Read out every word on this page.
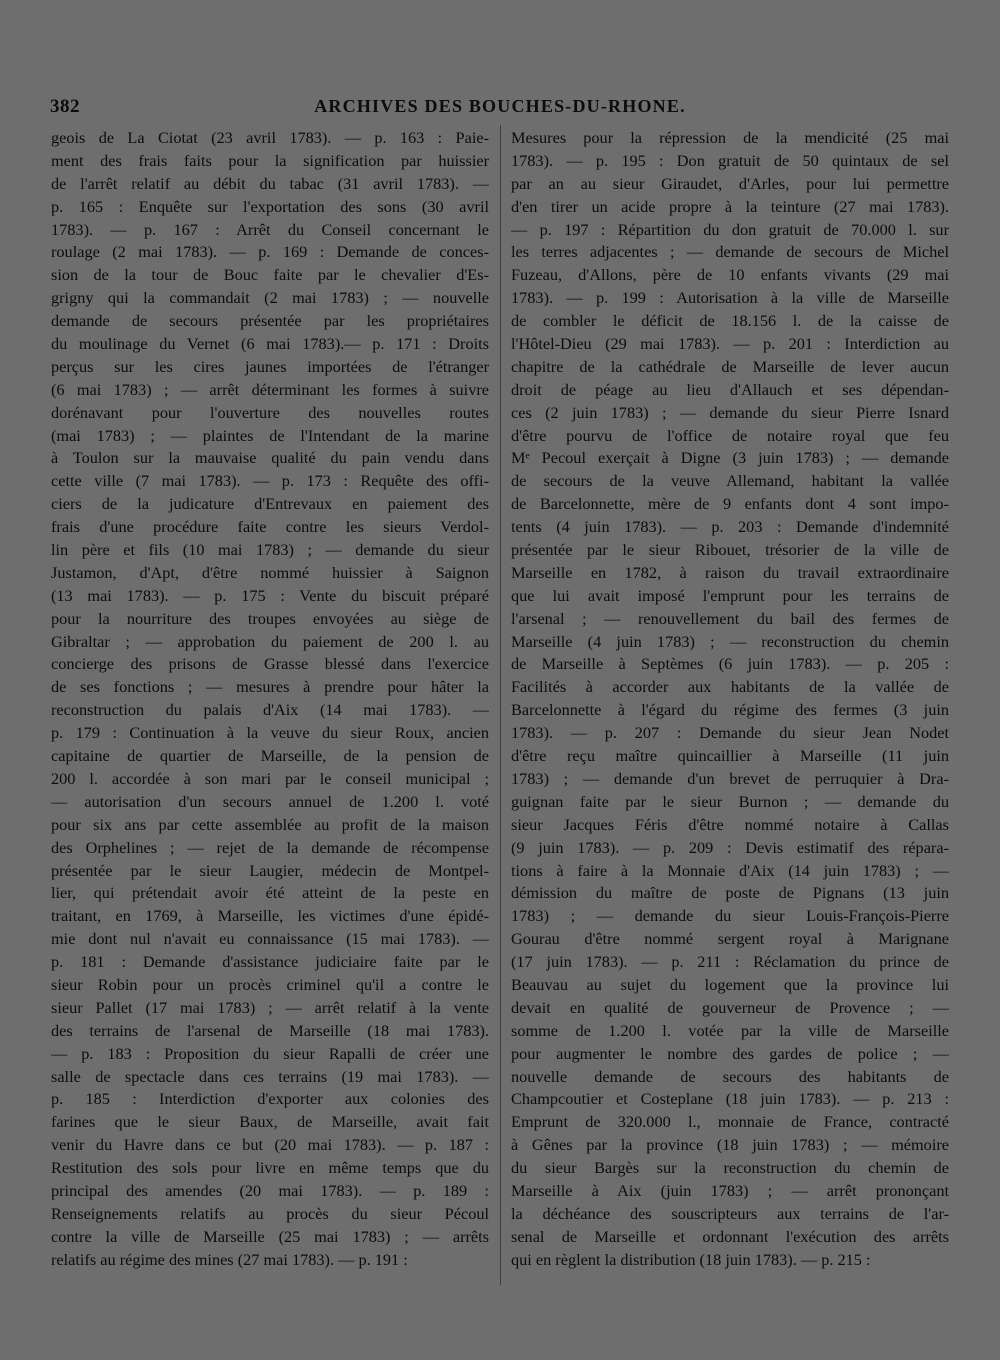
382	ARCHIVES DES BOUCHES-DU-RHONE.
geois de La Ciotat (23 avril 1783). — p. 163 : Paie-
ment des frais faits pour la signification par huissier
de l'arrêt relatif au débit du tabac (31 avril 1783). —
p. 165 : Enquête sur l'exportation des sons (30 avril
1783). — p. 167 : Arrêt du Conseil concernant le
roulage (2 mai 1783). — p. 169 : Demande de conces-
sion de la tour de Bouc faite par le chevalier d'Es-
grigny qui la commandait (2 mai 1783) ; — nouvelle
demande de secours présentée par les propriétaires
du moulinage du Vernet (6 mai 1783).— p. 171 : Droits
perçus sur les cires jaunes importées de l'étranger
(6 mai 1783) ; — arrêt déterminant les formes à suivre
dorénavant pour l'ouverture des nouvelles routes
(mai 1783) ; — plaintes de l'Intendant de la marine
à Toulon sur la mauvaise qualité du pain vendu dans
cette ville (7 mai 1783). — p. 173 : Requête des offi-
ciers de la judicature d'Entrevaux en paiement des
frais d'une procédure faite contre les sieurs Verdol-
lin père et fils (10 mai 1783) ; — demande du sieur
Justamon, d'Apt, d'être nommé huissier à Saignon
(13 mai 1783). — p. 175 : Vente du biscuit préparé
pour la nourriture des troupes envoyées au siège de
Gibraltar ; — approbation du paiement de 200 l. au
concierge des prisons de Grasse blessé dans l'exercice
de ses fonctions ; — mesures à prendre pour hâter la
reconstruction du palais d'Aix (14 mai 1783). —
p. 179 : Continuation à la veuve du sieur Roux, ancien
capitaine de quartier de Marseille, de la pension de
200 l. accordée à son mari par le conseil municipal ;
— autorisation d'un secours annuel de 1.200 l. voté
pour six ans par cette assemblée au profit de la maison
des Orphelines ; — rejet de la demande de récompense
présentée par le sieur Laugier, médecin de Montpel-
lier, qui prétendait avoir été atteint de la peste en
traitant, en 1769, à Marseille, les victimes d'une épidé-
mie dont nul n'avait eu connaissance (15 mai 1783). —
p. 181 : Demande d'assistance judiciaire faite par le
sieur Robin pour un procès criminel qu'il a contre le
sieur Pallet (17 mai 1783) ; — arrêt relatif à la vente
des terrains de l'arsenal de Marseille (18 mai 1783).
— p. 183 : Proposition du sieur Rapalli de créer une
salle de spectacle dans ces terrains (19 mai 1783). —
p. 185 : Interdiction d'exporter aux colonies des
farines que le sieur Baux, de Marseille, avait fait
venir du Havre dans ce but (20 mai 1783). — p. 187 :
Restitution des sols pour livre en même temps que du
principal des amendes (20 mai 1783). — p. 189 :
Renseignements relatifs au procès du sieur Pécoul
contre la ville de Marseille (25 mai 1783) ; — arrêts
relatifs au régime des mines (27 mai 1783). — p. 191 :
Mesures pour la répression de la mendicité (25 mai
1783). — p. 195 : Don gratuit de 50 quintaux de sel
par an au sieur Giraudet, d'Arles, pour lui permettre
d'en tirer un acide propre à la teinture (27 mai 1783).
— p. 197 : Répartition du don gratuit de 70.000 l. sur
les terres adjacentes ; — demande de secours de Michel
Fuzeau, d'Allons, père de 10 enfants vivants (29 mai
1783). — p. 199 : Autorisation à la ville de Marseille
de combler le déficit de 18.156 l. de la caisse de
l'Hôtel-Dieu (29 mai 1783). — p. 201 : Interdiction au
chapitre de la cathédrale de Marseille de lever aucun
droit de péage au lieu d'Allauch et ses dépendan-
ces (2 juin 1783) ; — demande du sieur Pierre Isnard
d'être pourvu de l'office de notaire royal que feu
Mᵉ Pecoul exerçait à Digne (3 juin 1783) ; — demande
de secours de la veuve Allemand, habitant la vallée
de Barcelonnette, mère de 9 enfants dont 4 sont impo-
tents (4 juin 1783). — p. 203 : Demande d'indemnité
présentée par le sieur Ribouet, trésorier de la ville de
Marseille en 1782, à raison du travail extraordinaire
que lui avait imposé l'emprunt pour les terrains de
l'arsenal ; — renouvellement du bail des fermes de
Marseille (4 juin 1783) ; — reconstruction du chemin
de Marseille à Septèmes (6 juin 1783). — p. 205 :
Facilités à accorder aux habitants de la vallée de
Barcelonnette à l'égard du régime des fermes (3 juin
1783). — p. 207 : Demande du sieur Jean Nodet
d'être reçu maître quincaillier à Marseille (11 juin
1783) ; — demande d'un brevet de perruquier à Dra-
guignan faite par le sieur Burnon ; — demande du
sieur Jacques Féris d'être nommé notaire à Callas
(9 juin 1783). — p. 209 : Devis estimatif des répara-
tions à faire à la Monnaie d'Aix (14 juin 1783) ; —
démission du maître de poste de Pignans (13 juin
1783) ; — demande du sieur Louis-François-Pierre
Gourau d'être nommé sergent royal à Marignane
(17 juin 1783). — p. 211 : Réclamation du prince de
Beauvau au sujet du logement que la province lui
devait en qualité de gouverneur de Provence ; —
somme de 1.200 l. votée par la ville de Marseille
pour augmenter le nombre des gardes de police ; —
nouvelle demande de secours des habitants de
Champcoutier et Costeplane (18 juin 1783). — p. 213 :
Emprunt de 320.000 l., monnaie de France, contracté
à Gênes par la province (18 juin 1783) ; — mémoire
du sieur Bargès sur la reconstruction du chemin de
Marseille à Aix (juin 1783) ; — arrêt prononçant
la déchéance des souscripteurs aux terrains de l'ar-
senal de Marseille et ordonnant l'exécution des arrêts
qui en règlent la distribution (18 juin 1783). — p. 215 :
